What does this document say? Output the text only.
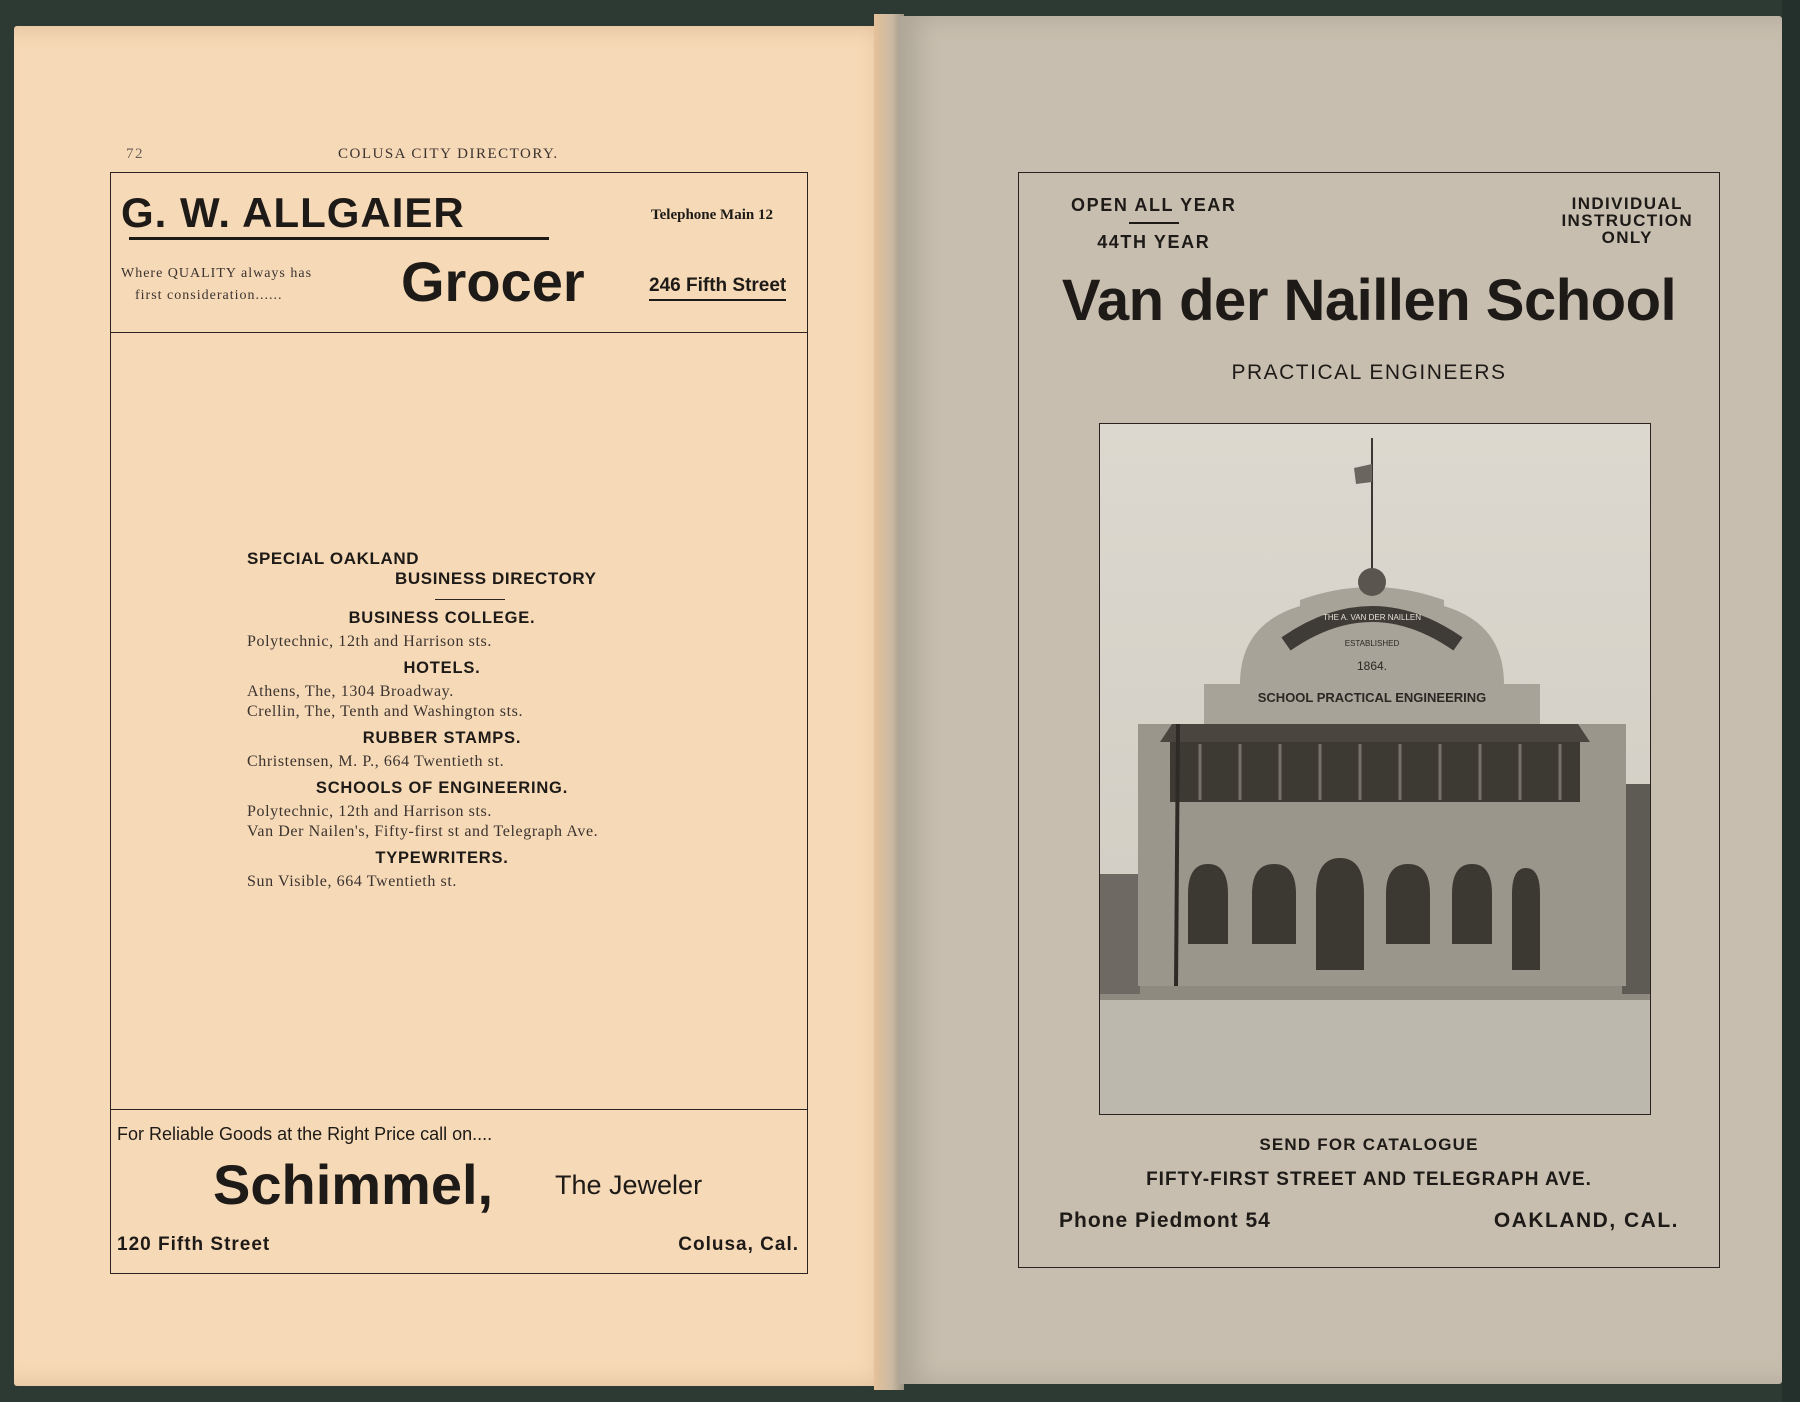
72	COLUSA CITY DIRECTORY.
G. W. ALLGAIER	Telephone Main 12
Where QUALITY always has
first consideration......	Grocer	246 Fifth Street
SPECIAL OAKLAND
BUSINESS DIRECTORY
BUSINESS COLLEGE.
Polytechnic, 12th and Harrison sts.
HOTELS.
Athens, The, 1304 Broadway.
Crellin, The, Tenth and Washington sts.
RUBBER STAMPS.
Christensen, M. P., 664 Twentieth st.
SCHOOLS OF ENGINEERING.
Polytechnic, 12th and Harrison sts.
Van Der Nailen's, Fifty-first st and Telegraph Ave.
TYPEWRITERS.
Sun Visible, 664 Twentieth st.
For Reliable Goods at the Right Price call on....
Schimmel, The Jeweler
120 Fifth Street	Colusa, Cal.
OPEN ALL YEAR
44TH YEAR
INDIVIDUAL
INSTRUCTION
ONLY
Van der Naillen School
PRACTICAL ENGINEERS
SCHOOL PRACTICAL ENGINEERING
1864.
ESTABLISHED
THE A. VAN DER NAILLEN
SEND FOR CATALOGUE
FIFTY-FIRST STREET AND TELEGRAPH AVE.
Phone Piedmont 54	OAKLAND, CAL.
